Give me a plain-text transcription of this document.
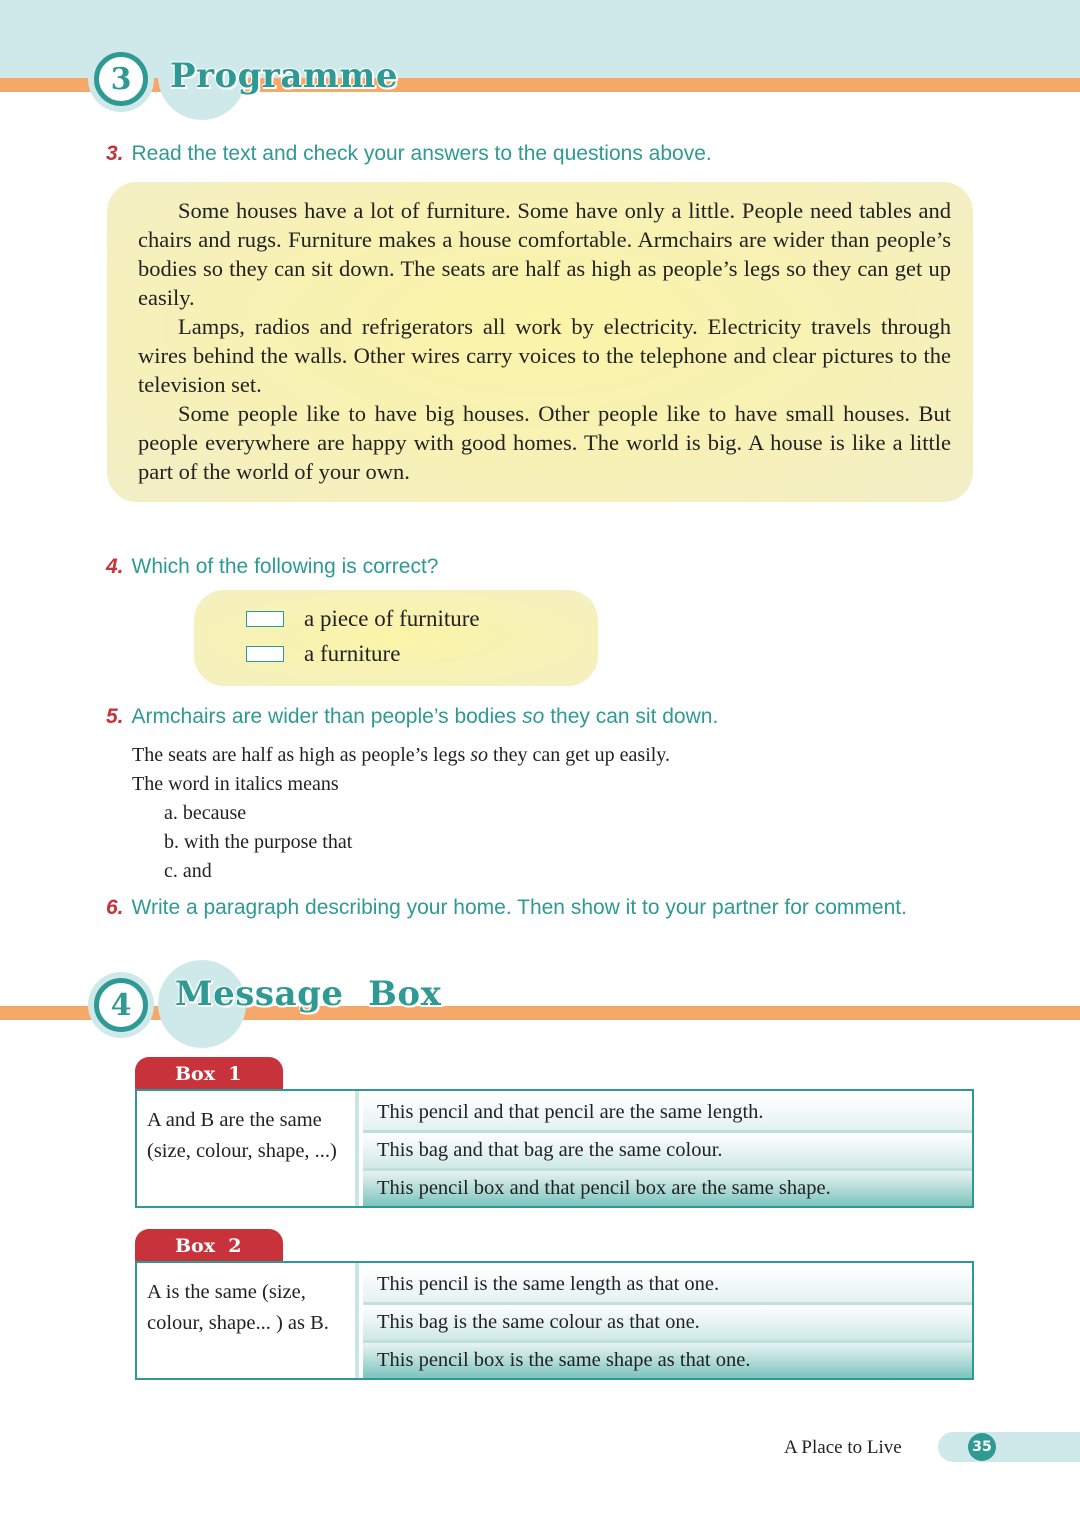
3	Programme
3. Read the text and check your answers to the questions above.

Some houses have a lot of furniture. Some have only a little. People need tables and chairs and rugs. Furniture makes a house comfortable. Armchairs are wider than people’s bodies so they can sit down. The seats are half as high as people’s legs so they can get up easily.

Lamps, radios and refrigerators all work by electricity. Electricity travels through wires behind the walls. Other wires carry voices to the telephone and clear pictures to the television set.

Some people like to have big houses. Other people like to have small houses. But people everywhere are happy with good homes. The world is big. A house is like a little part of the world of your own.

4. Which of the following is correct?
a piece of furniture
a furniture
5. Armchairs are wider than people’s bodies so they can sit down.
The seats are half as high as people’s legs so they can get up easily.
The word in italics means
a. because
b. with the purpose that
c. and
6. Write a paragraph describing your home. Then show it to your partner for comment.
4	Message  Box
Box  1
A and B are the same (size, colour, shape, ...)
This pencil and that pencil are the same length.
This bag and that bag are the same colour.
This pencil box and that pencil box are the same shape.
Box  2
A is the same (size, colour, shape... ) as B.
This pencil is the same length as that one.
This bag is the same colour as that one.
This pencil box is the same shape as that one.
A Place to Live	35
